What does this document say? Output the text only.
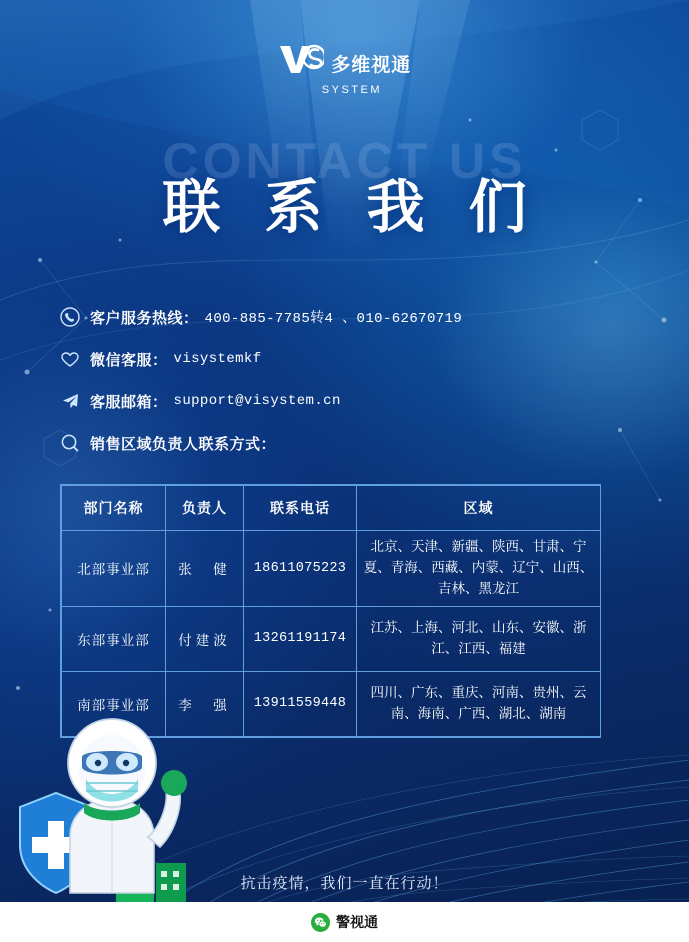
多维视通
SYSTEM
CONTACT US
联 系 我 们
客户服务热线： 400-885-7785转4 、010-62670719
微信客服： visystemkf
客服邮箱： support@visystem.cn
销售区域负责人联系方式：
部门名称	负责人	联系电话	区域
北部事业部	张　健	18611075223	北京、天津、新疆、陕西、甘肃、宁夏、青海、西藏、内蒙、辽宁、山西、吉林、黑龙江
东部事业部	付建波	13261191174	江苏、上海、河北、山东、安徽、浙江、江西、福建
南部事业部	李　强	13911559448	四川、广东、重庆、河南、贵州、云南、海南、广西、湖北、湖南
抗击疫情，我们一直在行动！
警视通
